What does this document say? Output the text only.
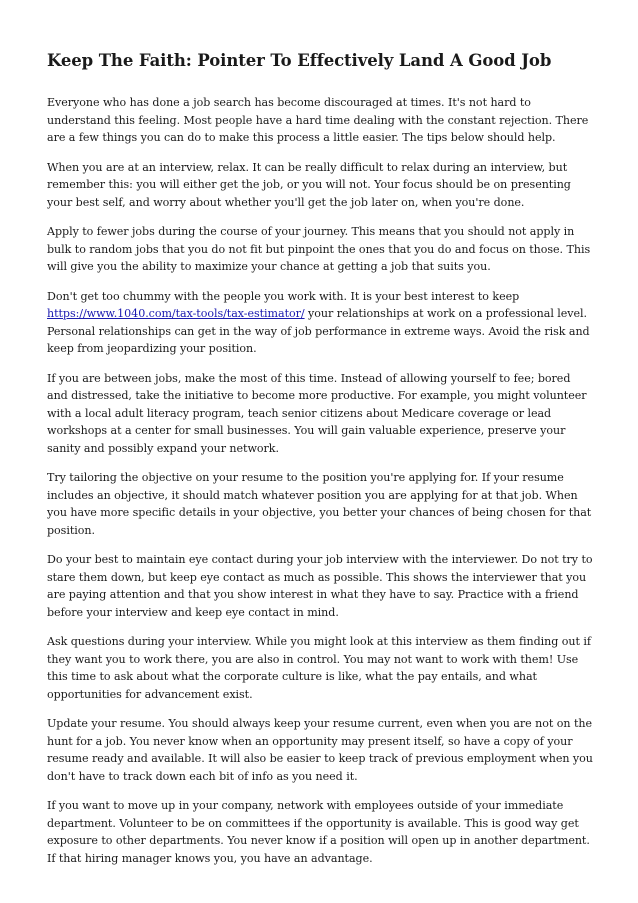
Keep The Faith: Pointer To Effectively Land A Good Job

Everyone who has done a job search has become discouraged at times. It's not hard to understand this feeling. Most people have a hard time dealing with the constant rejection. There are a few things you can do to make this process a little easier. The tips below should help.

When you are at an interview, relax. It can be really difficult to relax during an interview, but remember this: you will either get the job, or you will not. Your focus should be on presenting your best self, and worry about whether you'll get the job later on, when you're done.

Apply to fewer jobs during the course of your journey. This means that you should not apply in bulk to random jobs that you do not fit but pinpoint the ones that you do and focus on those. This will give you the ability to maximize your chance at getting a job that suits you.

Don't get too chummy with the people you work with. It is your best interest to keep https://www.1040.com/tax-tools/tax-estimator/ your relationships at work on a professional level. Personal relationships can get in the way of job performance in extreme ways. Avoid the risk and keep from jeopardizing your position.

If you are between jobs, make the most of this time. Instead of allowing yourself to fee; bored and distressed, take the initiative to become more productive. For example, you might volunteer with a local adult literacy program, teach senior citizens about Medicare coverage or lead workshops at a center for small businesses. You will gain valuable experience, preserve your sanity and possibly expand your network.

Try tailoring the objective on your resume to the position you're applying for. If your resume includes an objective, it should match whatever position you are applying for at that job. When you have more specific details in your objective, you better your chances of being chosen for that position.

Do your best to maintain eye contact during your job interview with the interviewer. Do not try to stare them down, but keep eye contact as much as possible. This shows the interviewer that you are paying attention and that you show interest in what they have to say. Practice with a friend before your interview and keep eye contact in mind.

Ask questions during your interview. While you might look at this interview as them finding out if they want you to work there, you are also in control. You may not want to work with them! Use this time to ask about what the corporate culture is like, what the pay entails, and what opportunities for advancement exist.

Update your resume. You should always keep your resume current, even when you are not on the hunt for a job. You never know when an opportunity may present itself, so have a copy of your resume ready and available. It will also be easier to keep track of previous employment when you don't have to track down each bit of info as you need it.

If you want to move up in your company, network with employees outside of your immediate department. Volunteer to be on committees if the opportunity is available. This is good way get exposure to other departments. You never know if a position will open up in another department. If that hiring manager knows you, you have an advantage.
